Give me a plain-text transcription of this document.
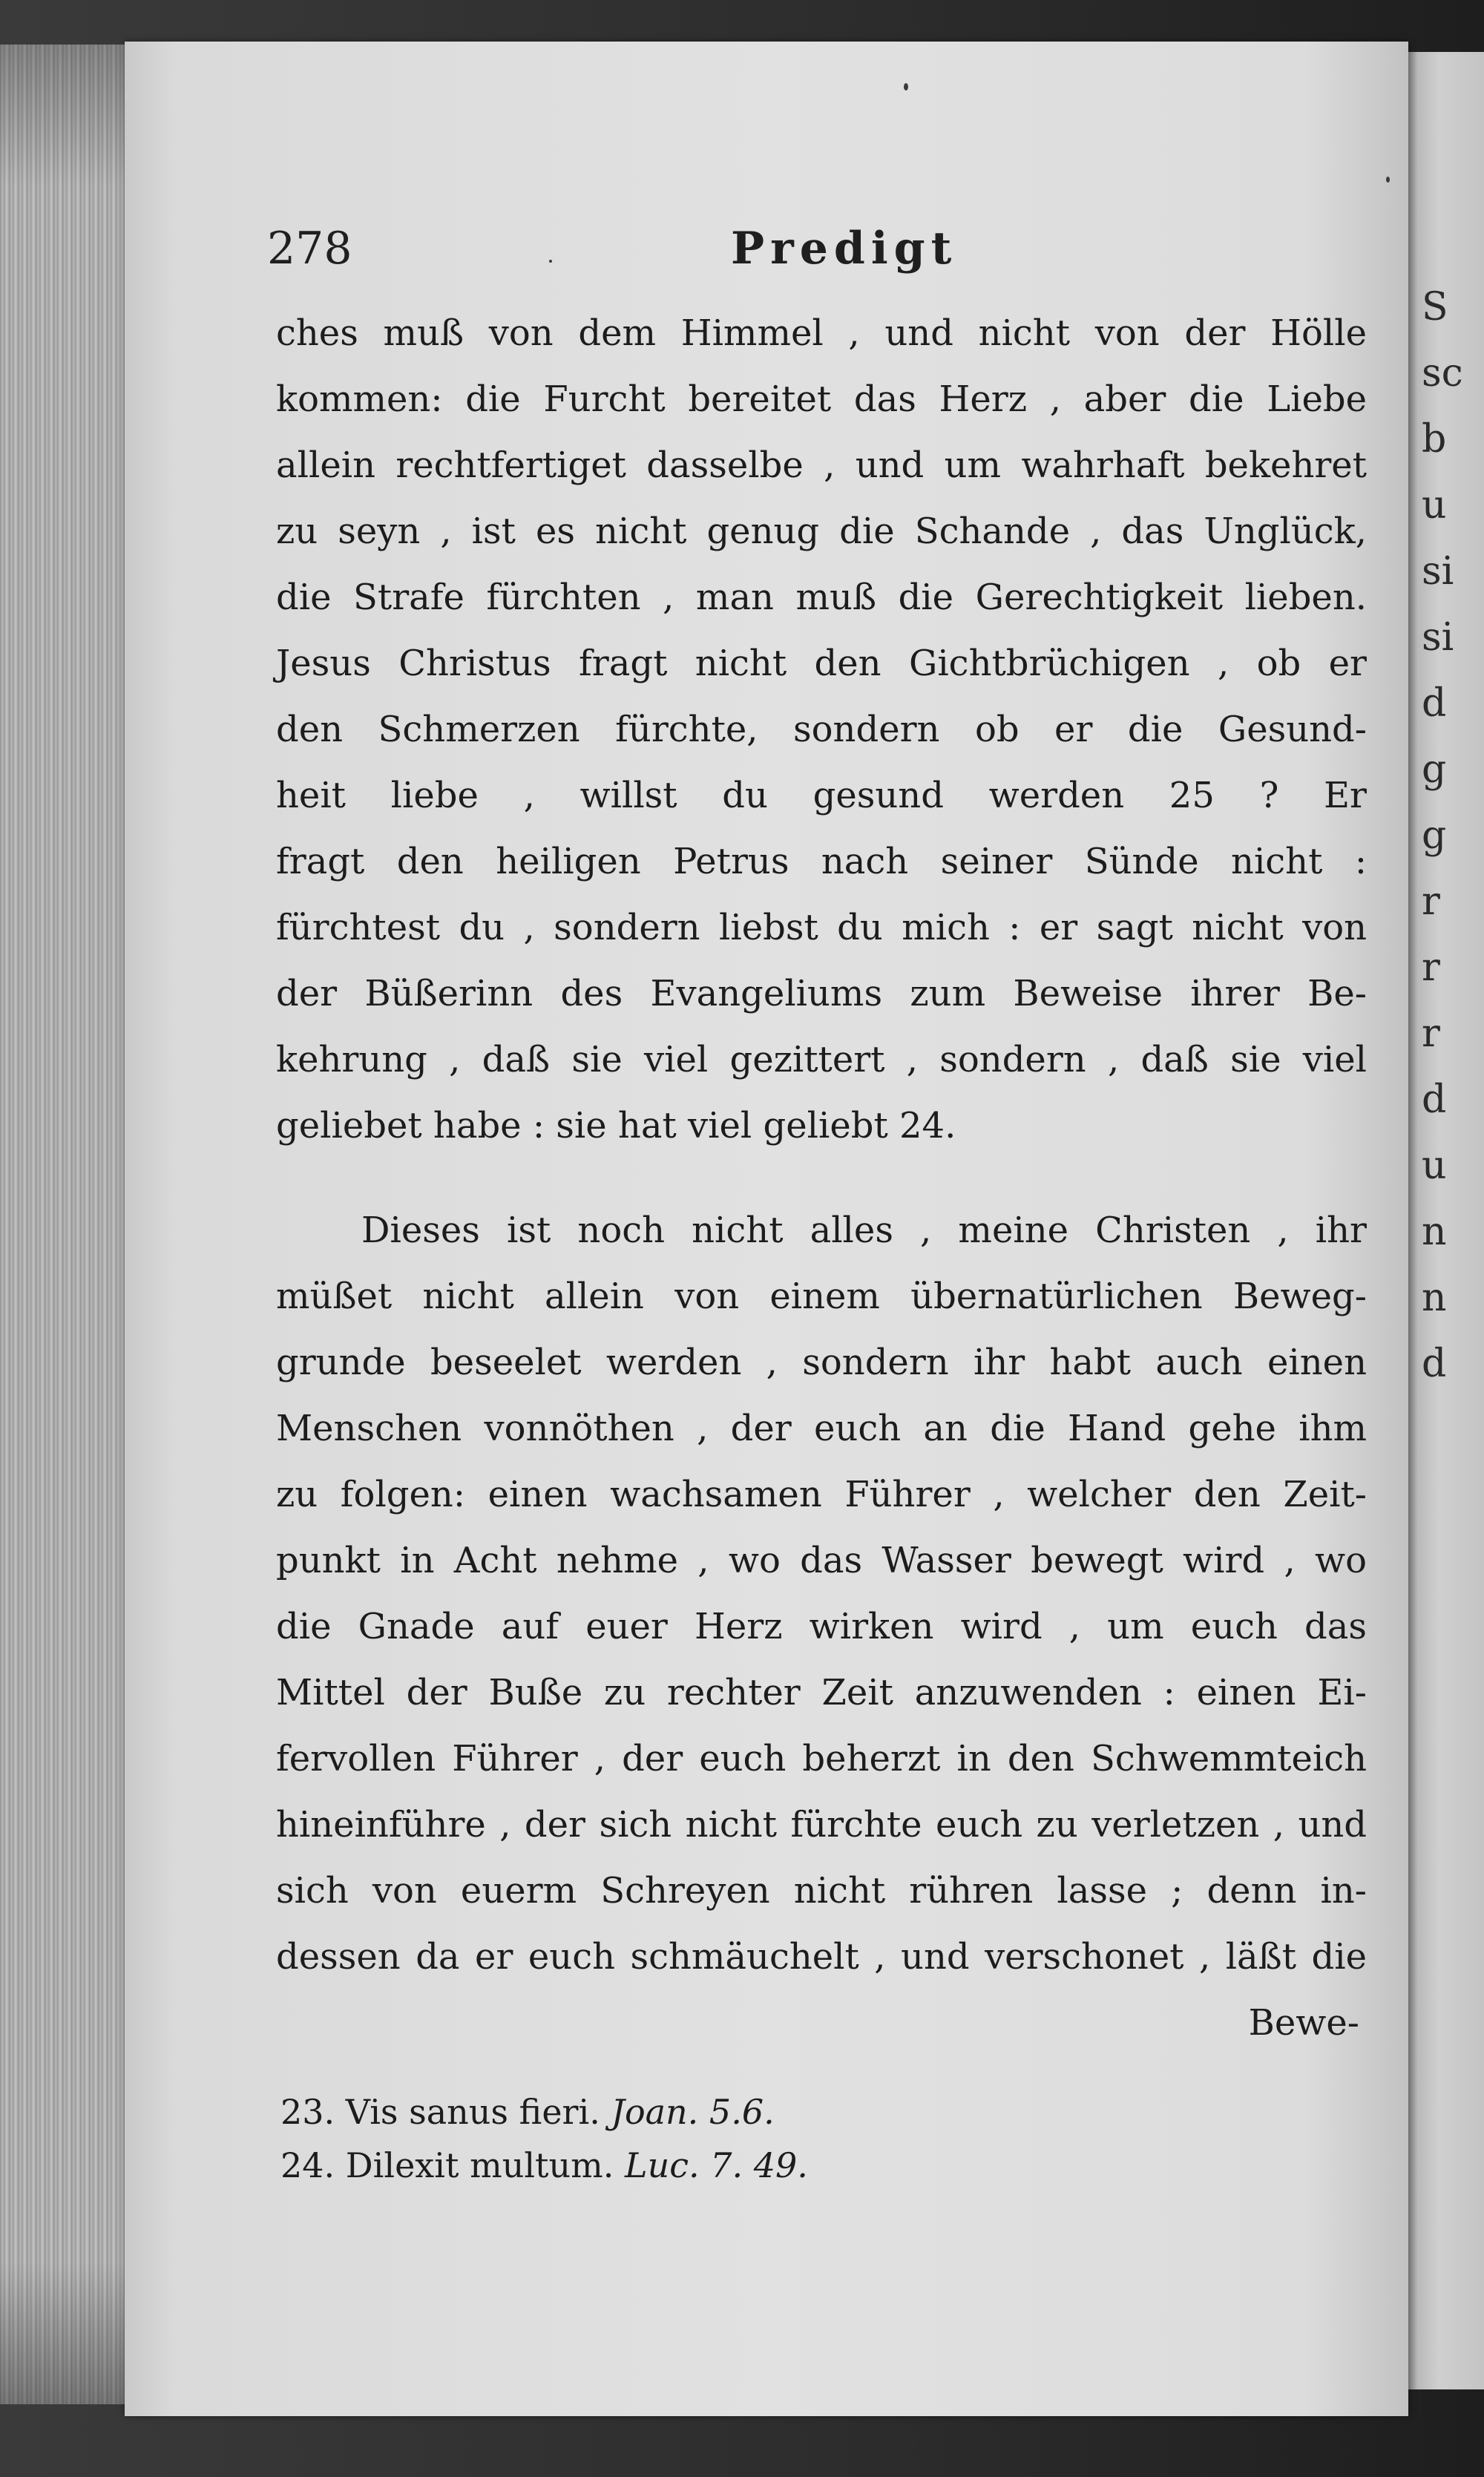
S
sc
b
u
si
si
d
g
g
r
r
r
d
u
n
n
d
278	Predigt
ches muß von dem Himmel , und nicht von der Hölle
kommen: die Furcht bereitet das Herz , aber die Liebe
allein rechtfertiget dasselbe , und um wahrhaft bekehret
zu seyn , ist es nicht genug die Schande , das Unglück,
die Strafe fürchten , man muß die Gerechtigkeit lieben.
Jesus Christus fragt nicht den Gichtbrüchigen , ob er
den Schmerzen fürchte, sondern ob er die Gesund-
heit liebe , willst du gesund werden 25 ? Er
fragt den heiligen Petrus nach seiner Sünde nicht :
fürchtest du , sondern liebst du mich : er sagt nicht von
der Büßerinn des Evangeliums zum Beweise ihrer Be-
kehrung , daß sie viel gezittert , sondern , daß sie viel
geliebet habe : sie hat viel geliebt 24.
Dieses ist noch nicht alles , meine Christen , ihr
müßet nicht allein von einem übernatürlichen Beweg-
grunde beseelet werden , sondern ihr habt auch einen
Menschen vonnöthen , der euch an die Hand gehe ihm
zu folgen: einen wachsamen Führer , welcher den Zeit-
punkt in Acht nehme , wo das Wasser bewegt wird , wo
die Gnade auf euer Herz wirken wird , um euch das
Mittel der Buße zu rechter Zeit anzuwenden : einen Ei-
fervollen Führer , der euch beherzt in den Schwemmteich
hineinführe , der sich nicht fürchte euch zu verletzen , und
sich von euerm Schreyen nicht rühren lasse ; denn in-
dessen da er euch schmäuchelt , und verschonet , läßt die
Bewe-
23. Vis sanus fieri. Joan. 5.6.
24. Dilexit multum. Luc. 7. 49.
